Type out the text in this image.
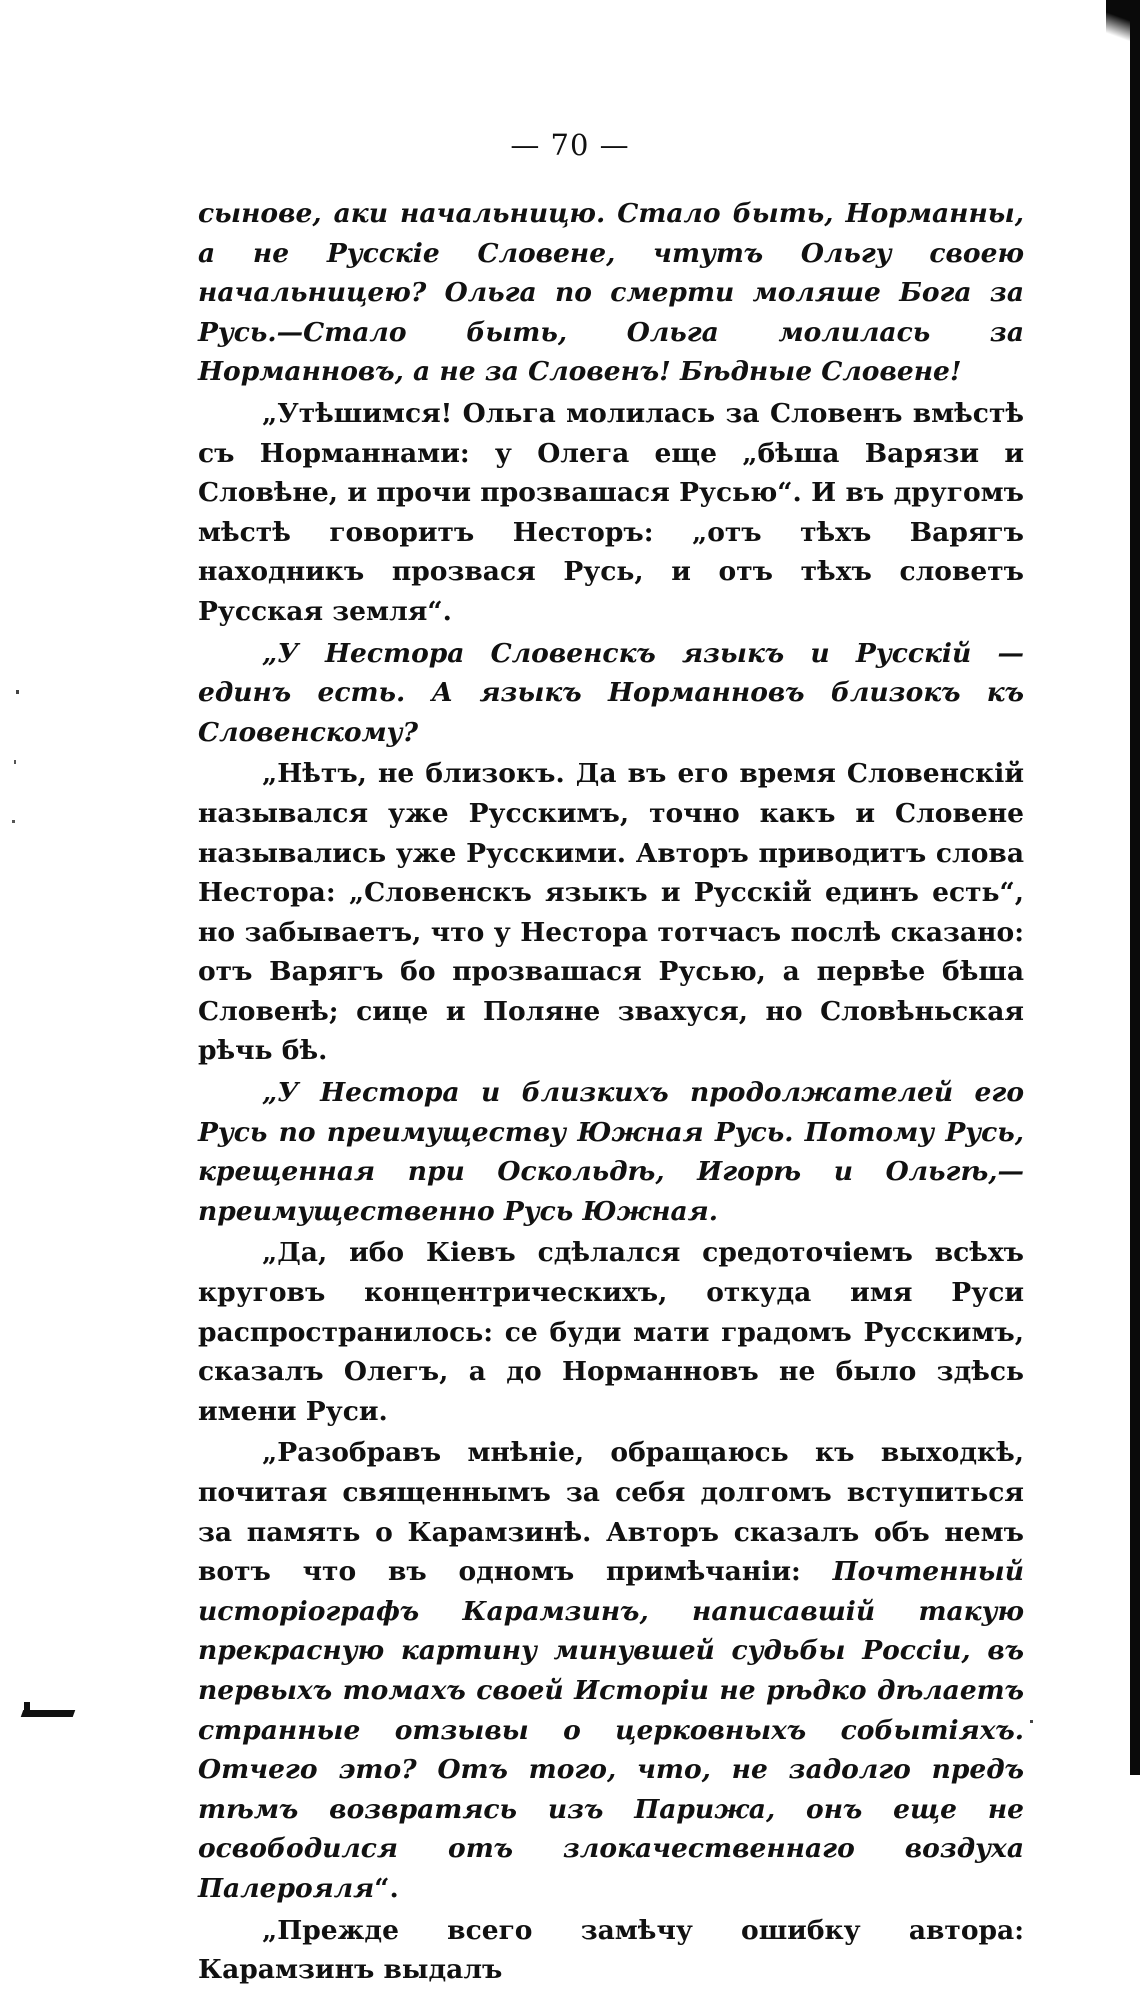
— 70 —

сынове, аки начальницю. Стало быть, Норманны, а не Русскіе Словене, чтутъ Ольгу своею начальницею? Ольга по смерти моляше Бога за Русь.—Стало быть, Ольга молилась за Норманновъ, а не за Словенъ! Бѣдные Словене!

„Утѣшимся! Ольга молилась за Словенъ вмѣстѣ съ Норманнами: у Олега еще „бѣша Варязи и Словѣне, и прочи прозвашася Русью“. И въ другомъ мѣстѣ говоритъ Несторъ: „отъ тѣхъ Варягъ находникъ прозвася Русь, и отъ тѣхъ словетъ Русская земля“.

„У Нестора Словенскъ языкъ и Русскій — единъ есть. А языкъ Норманновъ близокъ къ Словенскому?

„Нѣтъ, не близокъ. Да въ его время Словенскій назывался уже Русскимъ, точно какъ и Словене назывались уже Русскими. Авторъ приводитъ слова Нестора: „Словенскъ языкъ и Русскій единъ есть“, но забываетъ, что у Нестора тотчасъ послѣ сказано: отъ Варягъ бо прозвашася Русью, а первѣе бѣша Словенѣ; сице и Поляне звахуся, но Словѣньская рѣчь бѣ.

„У Нестора и близкихъ продолжателей его Русь по преимуществу Южная Русь. Потому Русь, крещенная при Оскольдѣ, Игорѣ и Ольгѣ,—преимущественно Русь Южная.

„Да, ибо Кіевъ сдѣлался средоточіемъ всѣхъ круговъ концентрическихъ, откуда имя Руси распространилось: се буди мати градомъ Русскимъ, сказалъ Олегъ, а до Норманновъ не было здѣсь имени Руси.

„Разобравъ мнѣніе, обращаюсь къ выходкѣ, почитая священнымъ за себя долгомъ вступиться за память о Карамзинѣ. Авторъ сказалъ объ немъ вотъ что въ одномъ примѣчаніи: Почтенный исторіографъ Карамзинъ, написавшій такую прекрасную картину минувшей судьбы Россіи, въ первыхъ томахъ своей Исторіи не рѣдко дѣлаетъ странные отзывы о церковныхъ событіяхъ. Отчего это? Отъ того, что, не задолго предъ тѣмъ возвратясь изъ Парижа, онъ еще не освободился отъ злокачественнаго воздуха Палерояля“.

„Прежде всего замѣчу ошибку автора: Карамзинъ выдалъ
